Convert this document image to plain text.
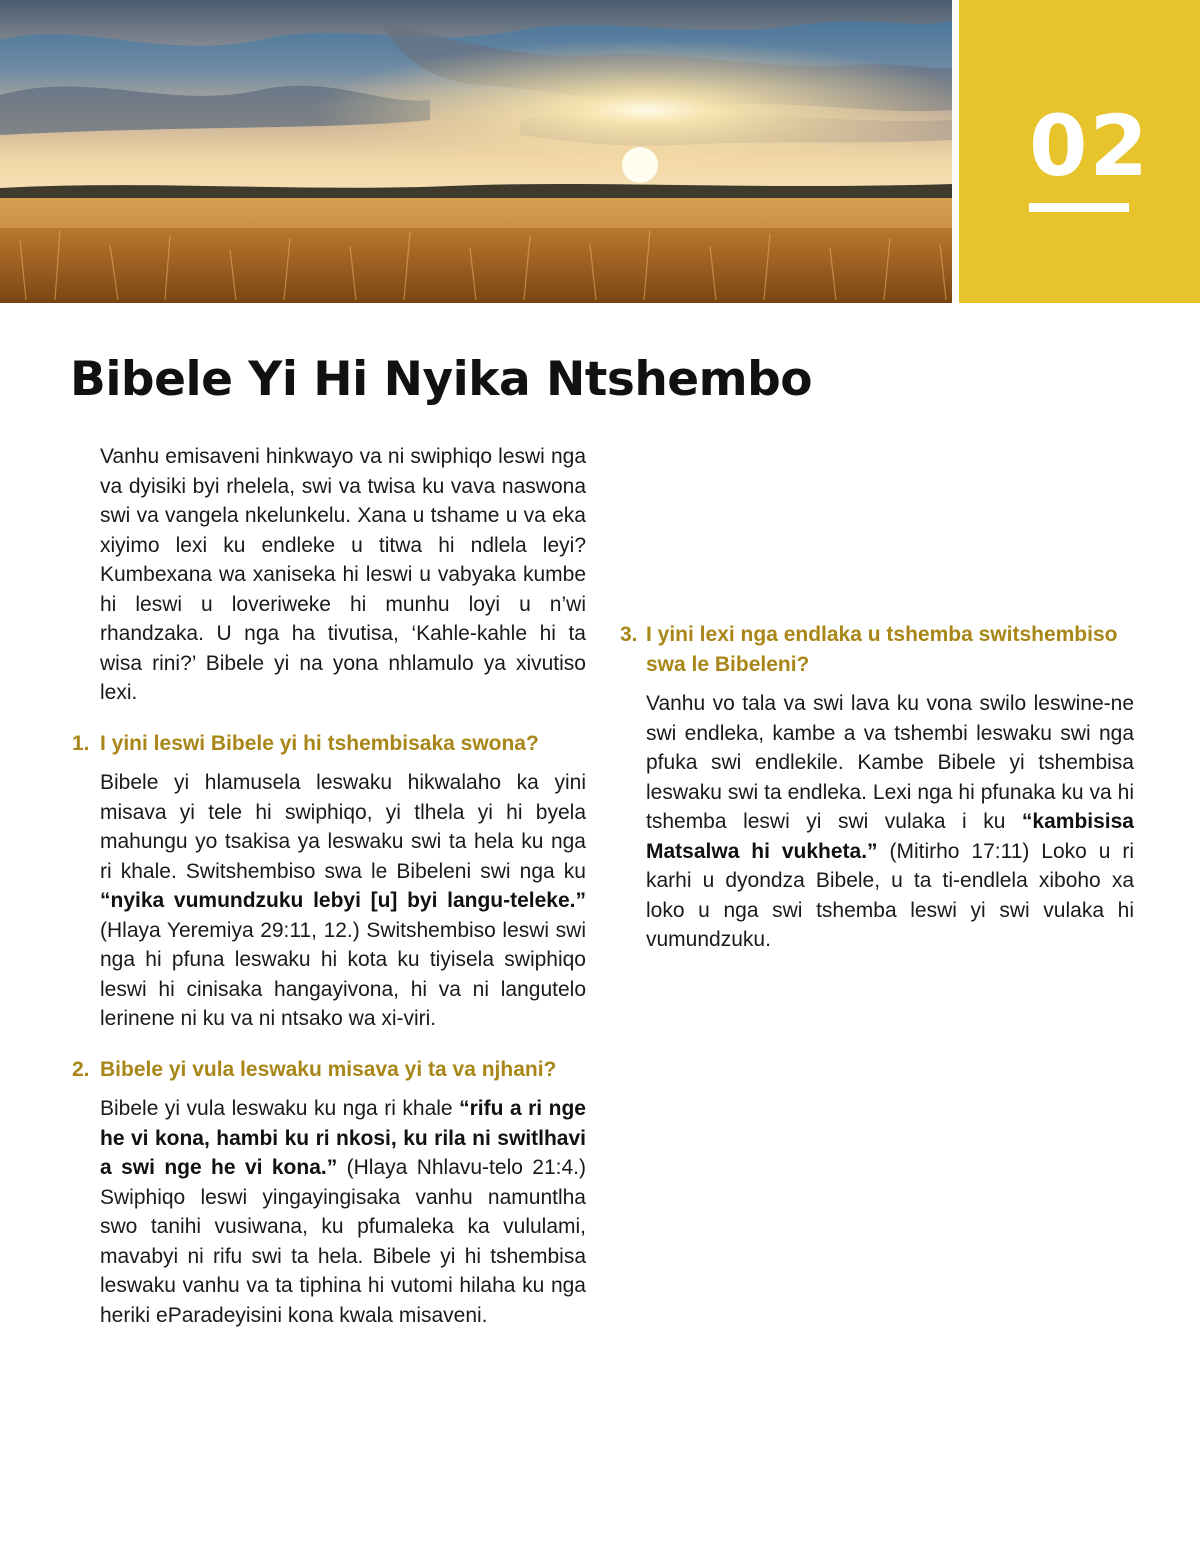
02
Bibele Yi Hi Nyika Ntshembo

Vanhu emisaveni hinkwayo va ni swiphiqo leswi nga va dyisiki byi rhelela, swi va twisa ku vava naswona swi va vangela nkelunkelu. Xana u tshame u va eka xiyimo lexi ku endleke u titwa hi ndlela leyi? Kumbexana wa xaniseka hi leswi u vabyaka kumbe hi leswi u loveriweke hi munhu loyi u n’wi rhandzaka. U nga ha tivutisa, ‘Kahle-kahle hi ta wisa rini?’ Bibele yi na yona nhlamulo ya xivutiso lexi.

1. I yini leswi Bibele yi hi tshembisaka swona?

Bibele yi hlamusela leswaku hikwalaho ka yini misava yi tele hi swiphiqo, yi tlhela yi hi byela mahungu yo tsakisa ya leswaku swi ta hela ku nga ri khale. Switshembiso swa le Bibeleni swi nga ku “nyika vumundzuku lebyi [u] byi langu-teleke.” (Hlaya Yeremiya 29:11, 12.) Switshembiso leswi swi nga hi pfuna leswaku hi kota ku tiyisela swiphiqo leswi hi cinisaka hangayivona, hi va ni langutelo lerinene ni ku va ni ntsako wa xi-viri.

2. Bibele yi vula leswaku misava yi ta va njhani?

Bibele yi vula leswaku ku nga ri khale “rifu a ri nge he vi kona, hambi ku ri nkosi, ku rila ni switlhavi a swi nge he vi kona.” (Hlaya Nhlavu-telo 21:4.) Swiphiqo leswi yingayingisaka vanhu namuntlha swo tanihi vusiwana, ku pfumaleka ka vululami, mavabyi ni rifu swi ta hela. Bibele yi hi tshembisa leswaku vanhu va ta tiphina hi vutomi hilaha ku nga heriki eParadeyisini kona kwala misaveni.

3. I yini lexi nga endlaka u tshemba switshembiso swa le Bibeleni?

Vanhu vo tala va swi lava ku vona swilo leswine-ne swi endleka, kambe a va tshembi leswaku swi nga pfuka swi endlekile. Kambe Bibele yi tshembisa leswaku swi ta endleka. Lexi nga hi pfunaka ku va hi tshemba leswi yi swi vulaka i ku “kambisisa Matsalwa hi vukheta.” (Mitirho 17:11) Loko u ri karhi u dyondza Bibele, u ta ti-endlela xiboho xa loko u nga swi tshemba leswi yi swi vulaka hi vumundzuku.
